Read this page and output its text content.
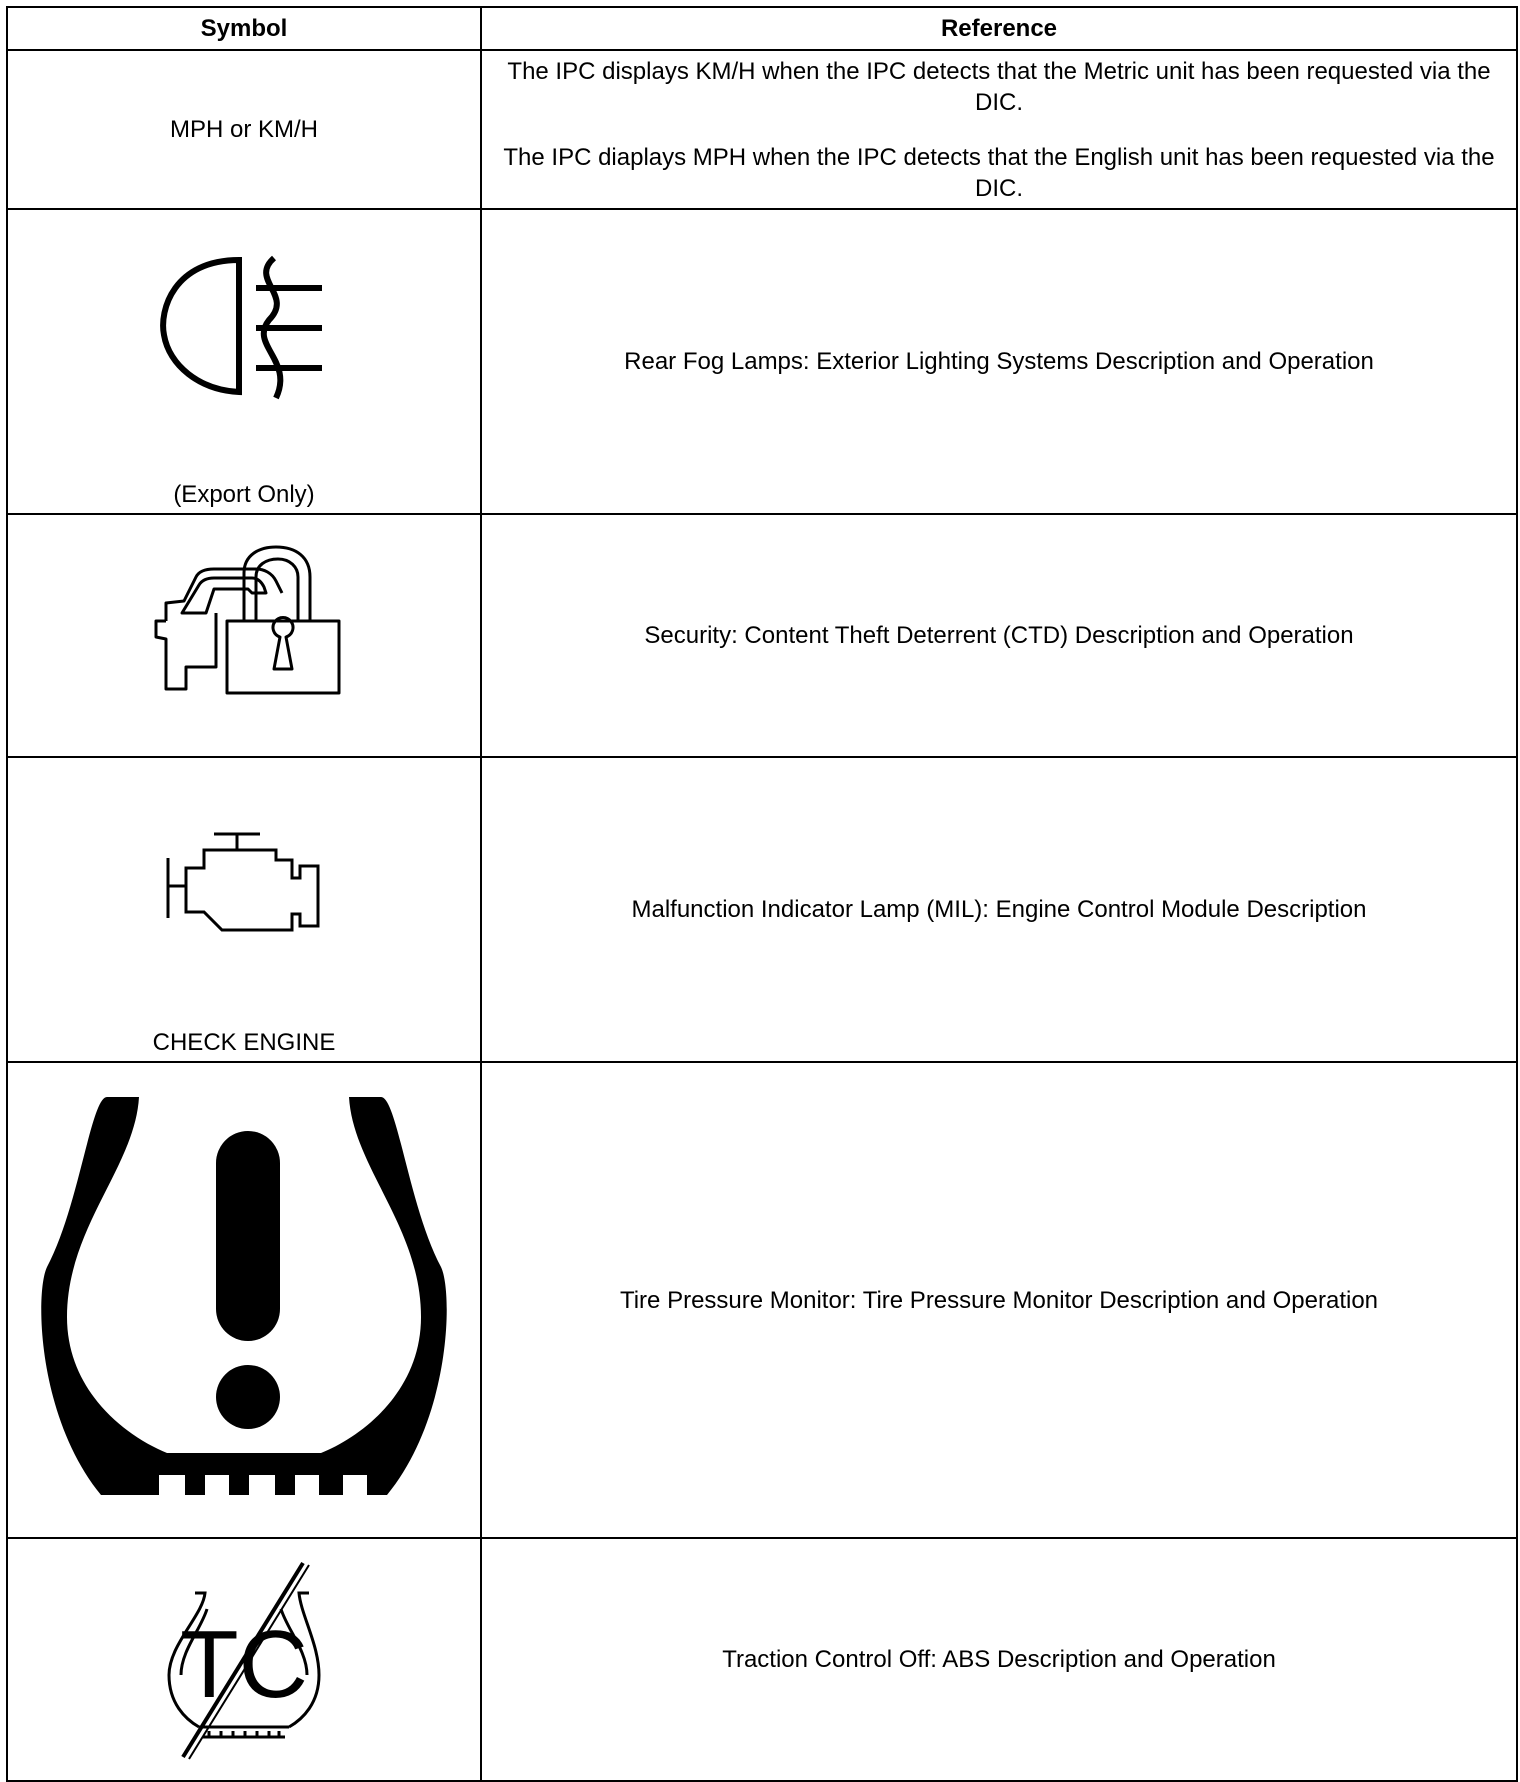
Symbol	Reference
MPH or KM/H	The IPC displays KM/H when the IPC detects that the Metric unit has been requested via the DIC.

The IPC diaplays MPH when the IPC detects that the English unit has been requested via the DIC.

(Export Only)	Rear Fog Lamps: Exterior Lighting Systems Description and Operation

	Security: Content Theft Deterrent (CTD) Description and Operation

CHECK ENGINE	Malfunction Indicator Lamp (MIL): Engine Control Module Description

	Tire Pressure Monitor: Tire Pressure Monitor Description and Operation

TC	Traction Control Off: ABS Description and Operation
